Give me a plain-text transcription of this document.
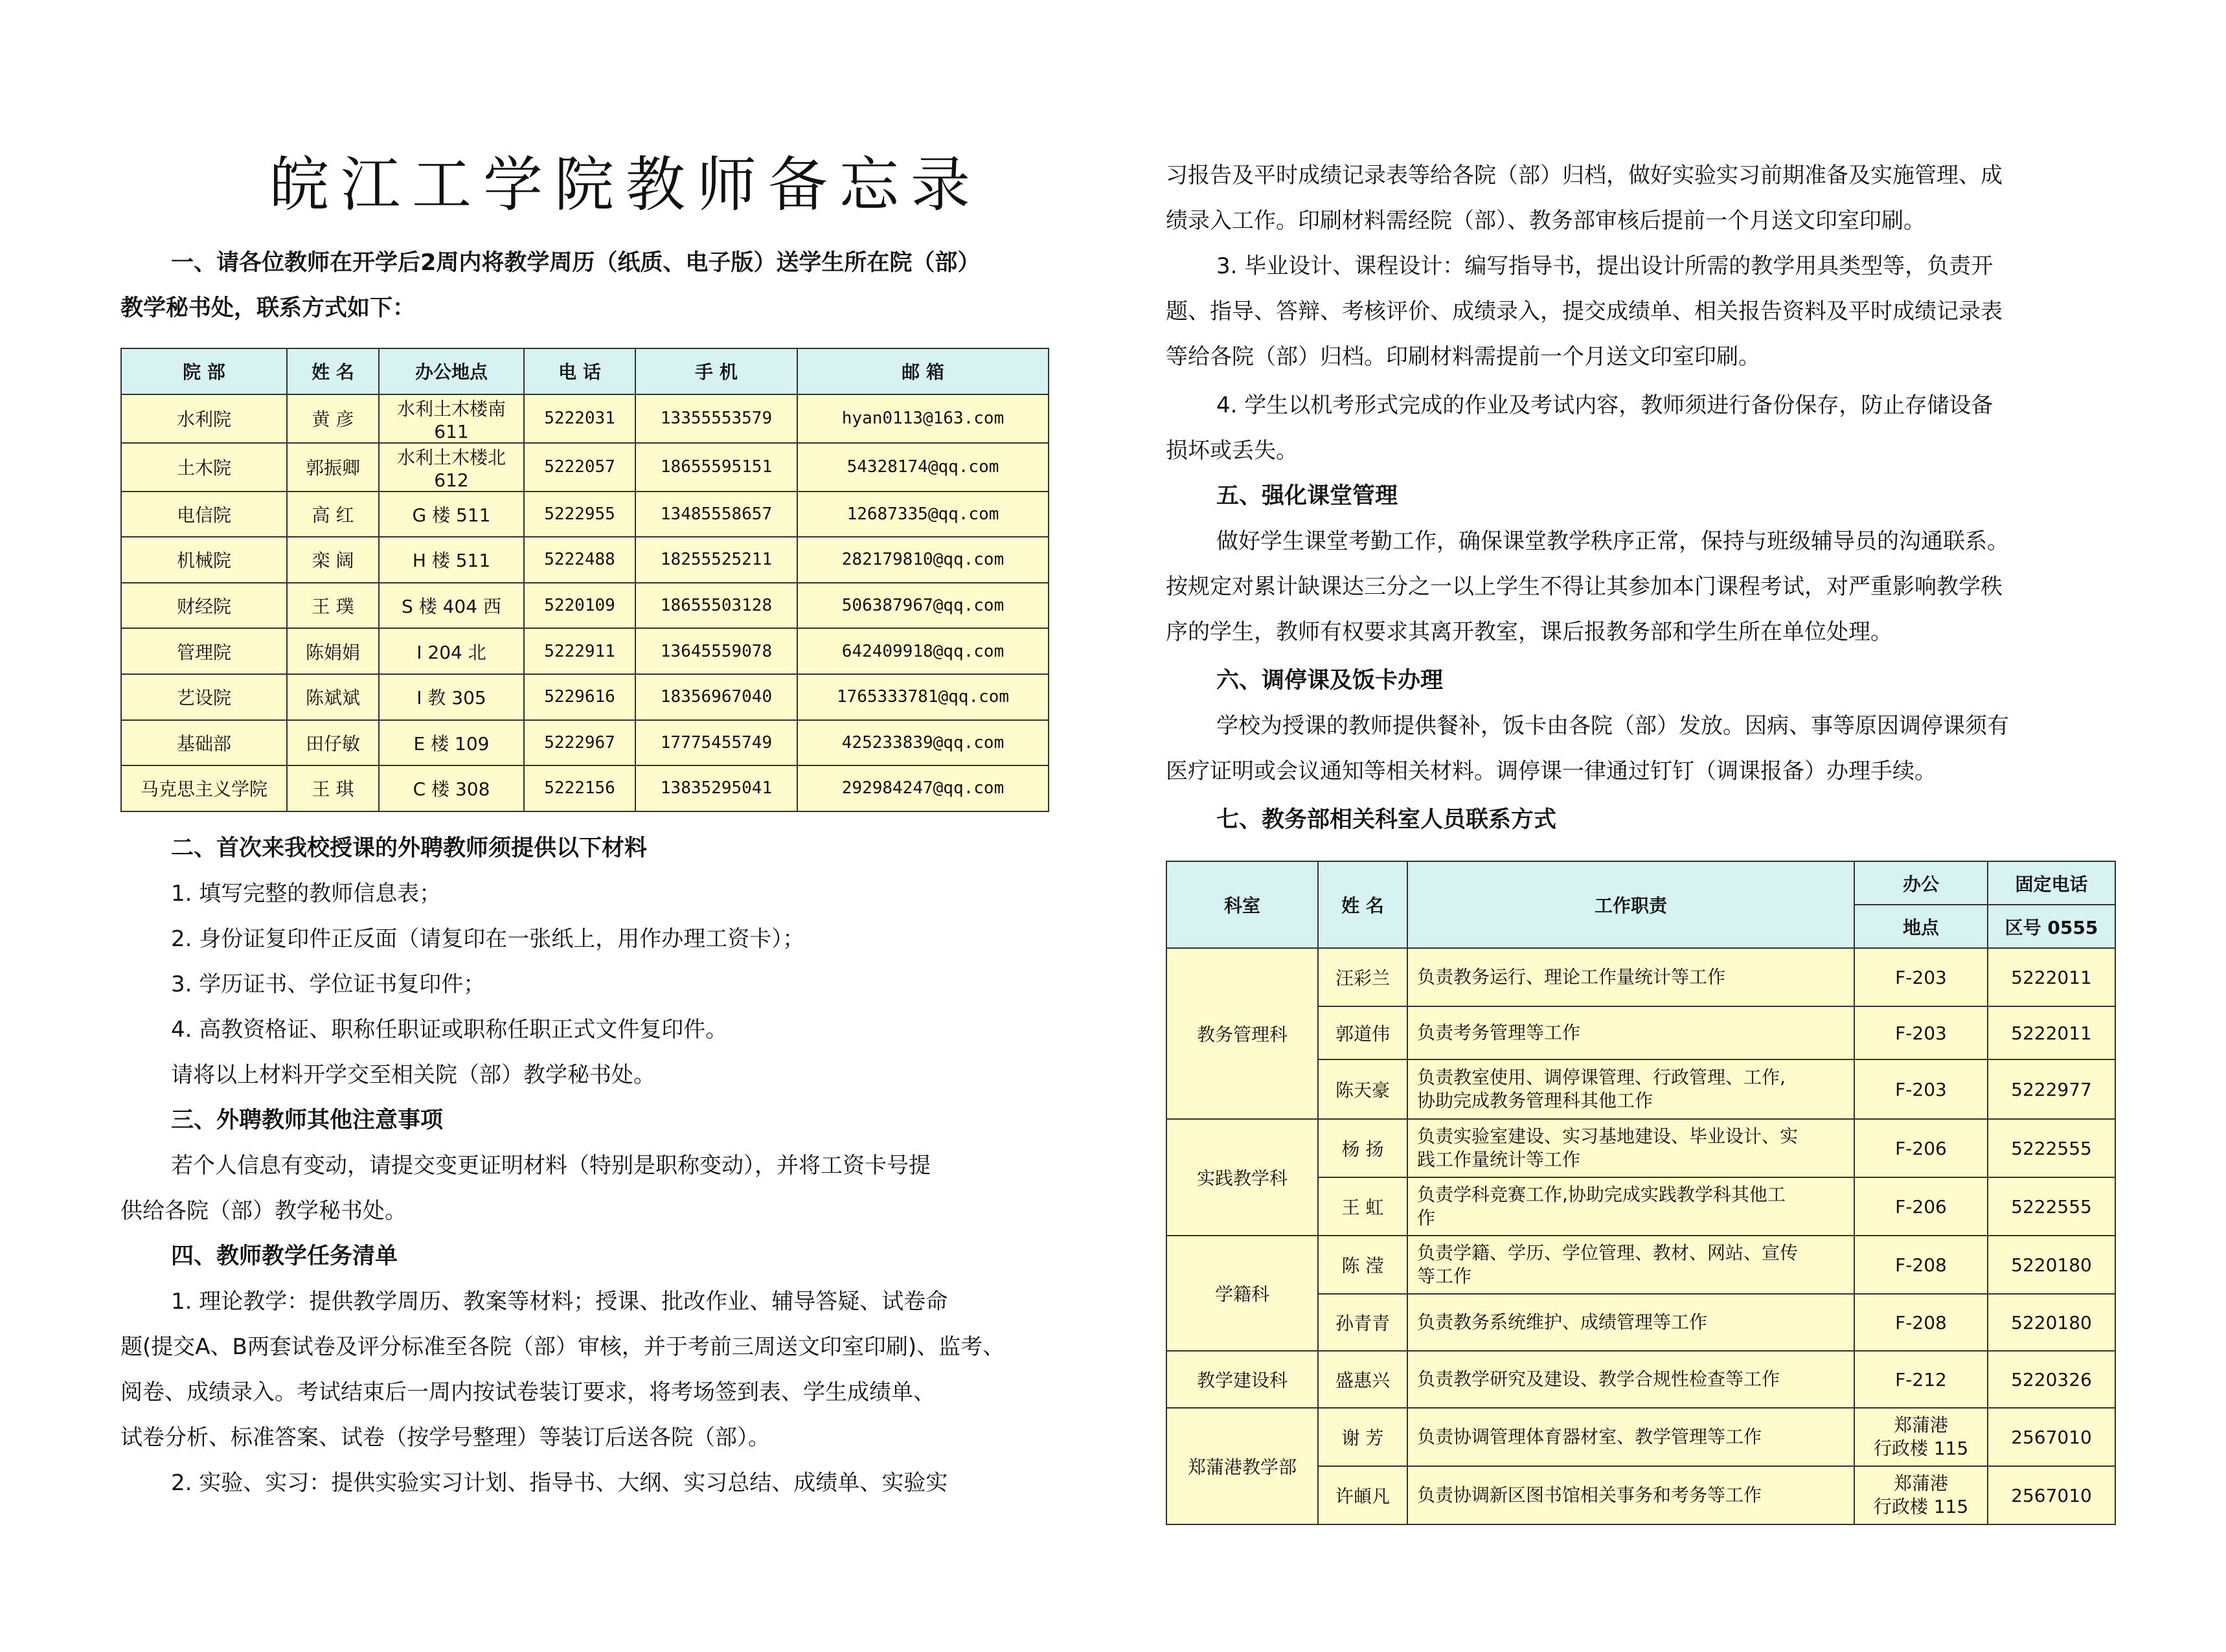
皖江工学院教师备忘录
一、请各位教师在开学后2周内将教学周历（纸质、电子版）送学生所在院（部）
教学秘书处，联系方式如下：
院 部	姓 名	办公地点	电 话	手 机	邮 箱
水利院	黄 彦	水利土木楼南 611	5222031	13355553579	hyan0113@163.com
土木院	郭振卿	水利土木楼北 612	5222057	18655595151	54328174@qq.com
电信院	高 红	G 楼 511	5222955	13485558657	12687335@qq.com
机械院	栾 阔	H 楼 511	5222488	18255525211	282179810@qq.com
财经院	王 璞	S 楼 404 西	5220109	18655503128	506387967@qq.com
管理院	陈娟娟	I 204 北	5222911	13645559078	642409918@qq.com
艺设院	陈斌斌	I 教 305	5229616	18356967040	1765333781@qq.com
基础部	田仔敏	E 楼 109	5222967	17775455749	425233839@qq.com
马克思主义学院	王 琪	C 楼 308	5222156	13835295041	292984247@qq.com
二、首次来我校授课的外聘教师须提供以下材料
1. 填写完整的教师信息表；
2. 身份证复印件正反面（请复印在一张纸上，用作办理工资卡）；
3. 学历证书、学位证书复印件；
4. 高教资格证、职称任职证或职称任职正式文件复印件。
请将以上材料开学交至相关院（部）教学秘书处。
三、外聘教师其他注意事项
若个人信息有变动，请提交变更证明材料（特别是职称变动），并将工资卡号提
供给各院（部）教学秘书处。
四、教师教学任务清单
1. 理论教学：提供教学周历、教案等材料；授课、批改作业、辅导答疑、试卷命
题(提交A、B两套试卷及评分标准至各院（部）审核，并于考前三周送文印室印刷)、监考、
阅卷、成绩录入。考试结束后一周内按试卷装订要求，将考场签到表、学生成绩单、
试卷分析、标准答案、试卷（按学号整理）等装订后送各院（部）。
2. 实验、实习：提供实验实习计划、指导书、大纲、实习总结、成绩单、实验实
习报告及平时成绩记录表等给各院（部）归档，做好实验实习前期准备及实施管理、成
绩录入工作。印刷材料需经院（部）、教务部审核后提前一个月送文印室印刷。
3. 毕业设计、课程设计：编写指导书，提出设计所需的教学用具类型等，负责开
题、指导、答辩、考核评价、成绩录入，提交成绩单、相关报告资料及平时成绩记录表
等给各院（部）归档。印刷材料需提前一个月送文印室印刷。
4. 学生以机考形式完成的作业及考试内容，教师须进行备份保存，防止存储设备
损坏或丢失。
五、强化课堂管理
做好学生课堂考勤工作，确保课堂教学秩序正常，保持与班级辅导员的沟通联系。
按规定对累计缺课达三分之一以上学生不得让其参加本门课程考试，对严重影响教学秩
序的学生，教师有权要求其离开教室，课后报教务部和学生所在单位处理。
六、调停课及饭卡办理
学校为授课的教师提供餐补，饭卡由各院（部）发放。因病、事等原因调停课须有
医疗证明或会议通知等相关材料。调停课一律通过钉钉（调课报备）办理手续。
七、教务部相关科室人员联系方式
科室	姓 名	工作职责	办公	固定电话
			地点	区号 0555
教务管理科	汪彩兰	负责教务运行、理论工作量统计等工作	F-203	5222011
	郭道伟	负责考务管理等工作	F-203	5222011
	陈天豪	负责教室使用、调停课管理、行政管理、工作,
协助完成教务管理科其他工作	F-203	5222977
实践教学科	杨 扬	负责实验室建设、实习基地建设、毕业设计、实
践工作量统计等工作	F-206	5222555
	王 虹	负责学科竞赛工作,协助完成实践教学科其他工
作	F-206	5222555
学籍科	陈 滢	负责学籍、学历、学位管理、教材、网站、宣传
等工作	F-208	5220180
	孙青青	负责教务系统维护、成绩管理等工作	F-208	5220180
教学建设科	盛惠兴	负责教学研究及建设、教学合规性检查等工作	F-212	5220326
郑蒲港教学部	谢 芳	负责协调管理体育器材室、教学管理等工作	郑蒲港
行政楼 115	2567010
	许頔凡	负责协调新区图书馆相关事务和考务等工作	郑蒲港
行政楼 115	2567010
